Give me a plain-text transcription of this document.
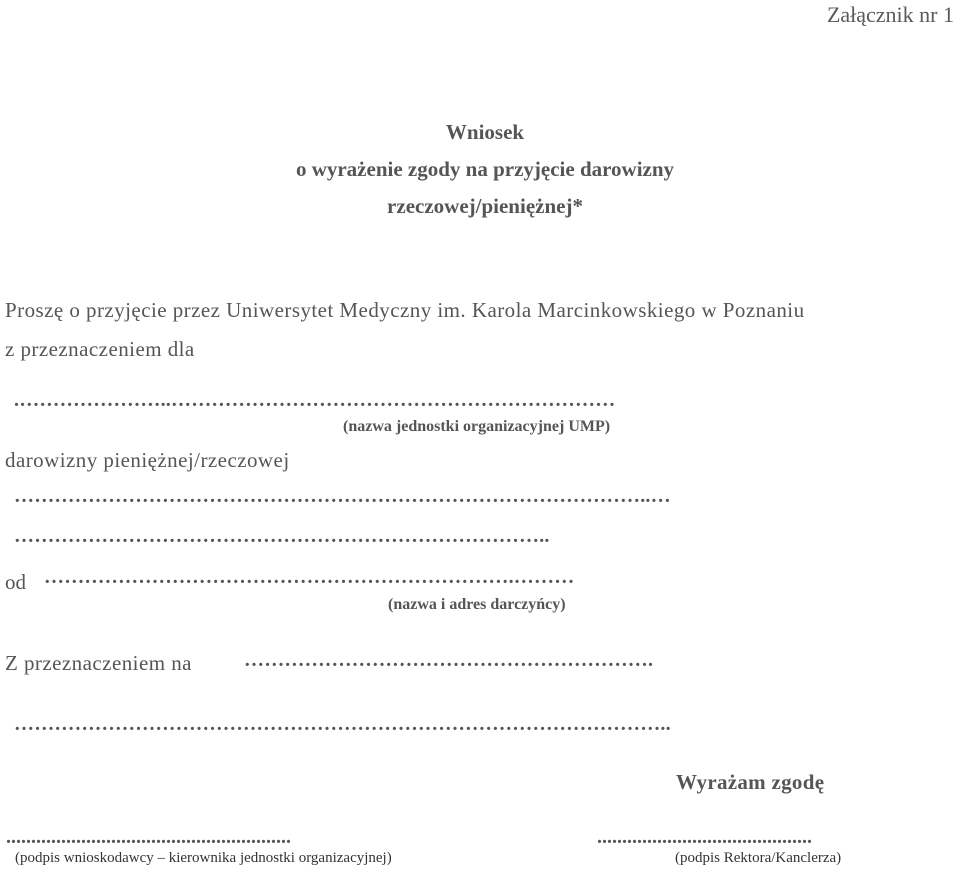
Załącznik nr 1
Wniosek
o wyrażenie zgody na przyjęcie darowizny
rzeczowej/pieniężnej*
Proszę o przyjęcie przez Uniwersytet Medyczny im. Karola Marcinkowskiego w Poznaniu
z przeznaczeniem dla
.…………………..…………………………………………………………
(nazwa jednostki organizacyjnej UMP)
darowizny pieniężnej/rzeczowej
…………………………………………………………………………………..…
……………………………………………………………………..
od …………………………………………………………….………
(nazwa i adres darczyńcy)
Z przeznaczeniem na	…………………………………………………….
……………………………………………………………………………………..
Wyrażam zgodę
.........................................................	...........................................
(podpis wnioskodawcy – kierownika jednostki organizacyjnej)	(podpis Rektora/Kanclerza)
